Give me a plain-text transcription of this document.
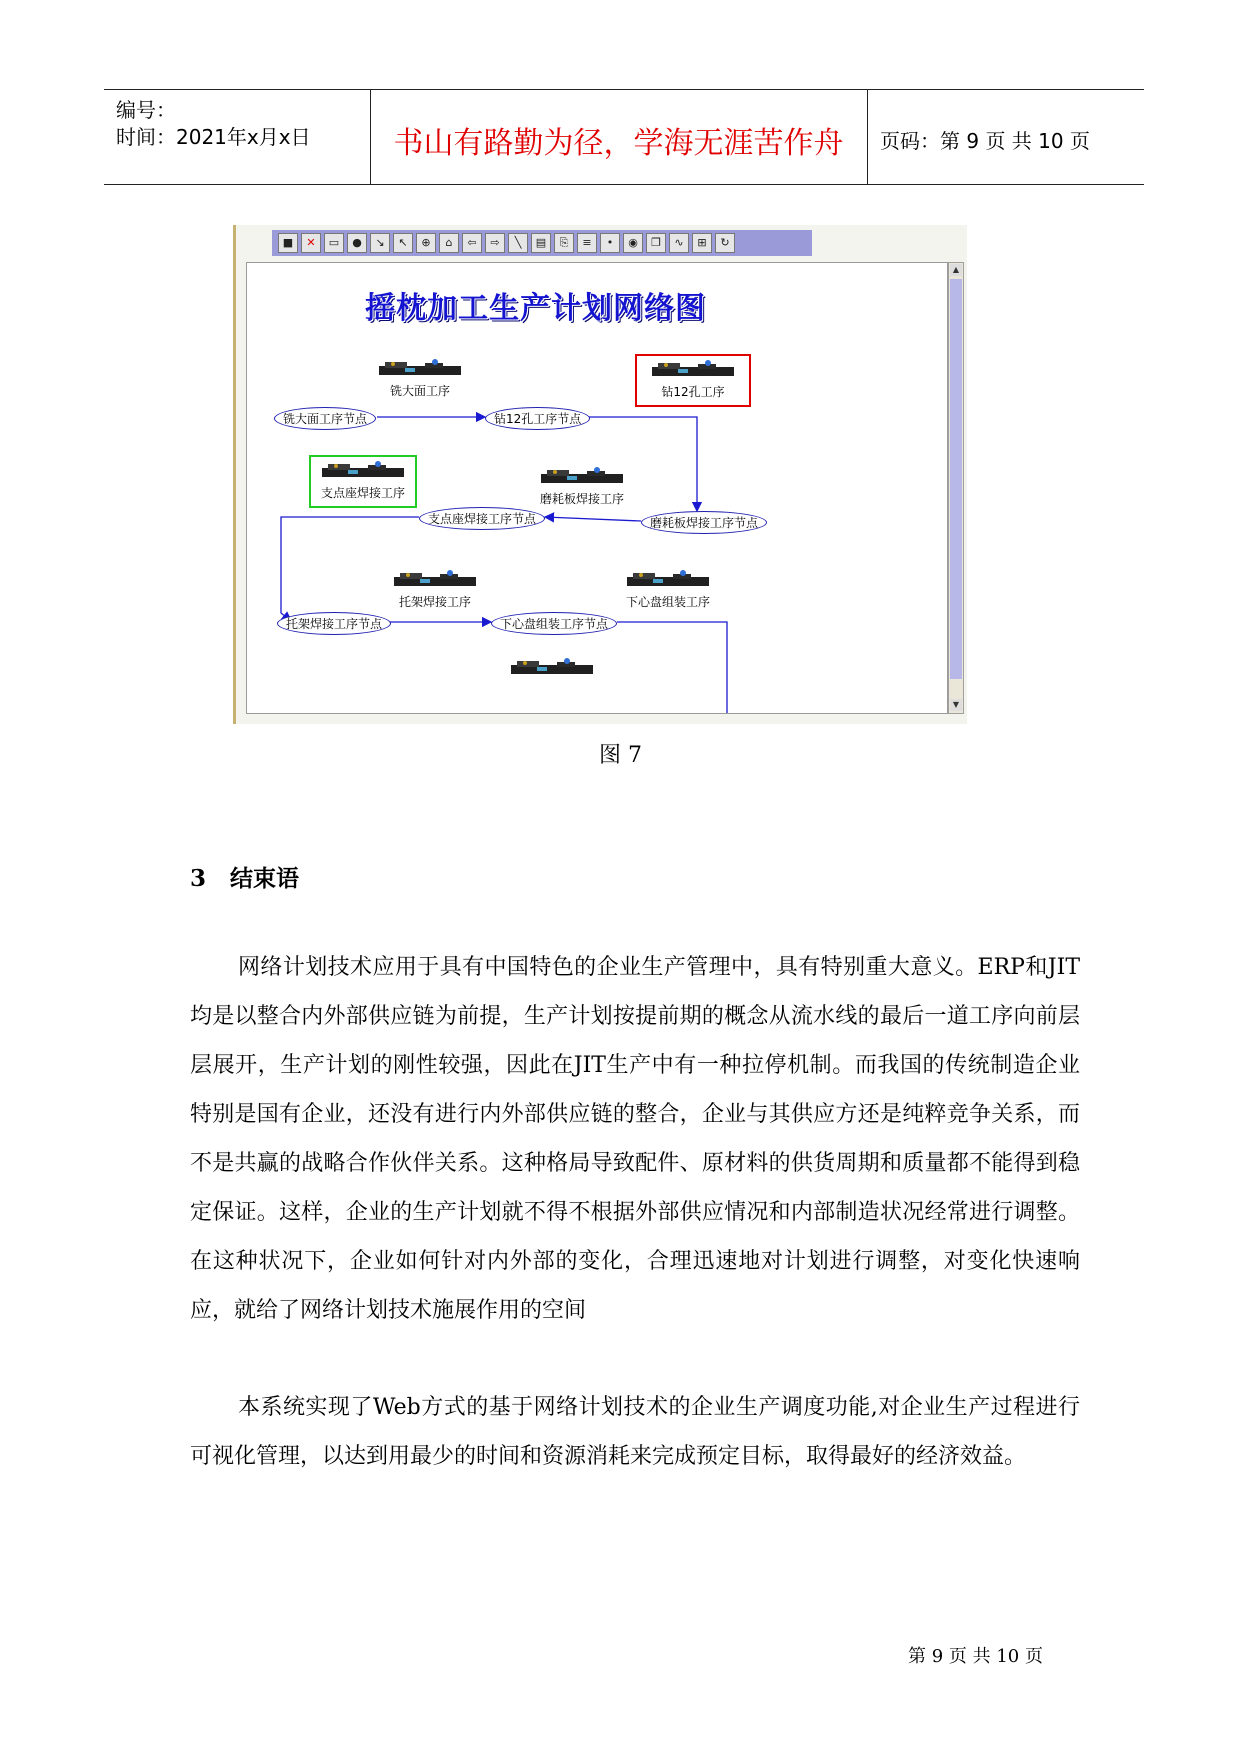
编号：
时间：2021年x月x日	书山有路勤为径，学海无涯苦作舟	页码：第 9 页 共 10 页
■	✕	▭	●	↘	↖	⊕	⌂	⇦	⇨	╲	▤	⎘	≡	•	◉	❐	∿	⊞	↻
摇枕加工生产计划网络图
铣大面工序	钻12孔工序
支点座焊接工序	磨耗板焊接工序
托架焊接工序	下心盘组装工序
铣大面工序节点	钻12孔工序节点
支点座焊接工序节点	磨耗板焊接工序节点
托架焊接工序节点	下心盘组装工序节点
▲
▼
图 7
3 结束语
网络计划技术应用于具有中国特色的企业生产管理中，具有特别重大意义。ERP和JIT均是以整合内外部供应链为前提，生产计划按提前期的概念从流水线的最后一道工序向前层层展开，生产计划的刚性较强，因此在JIT生产中有一种拉停机制。而我国的传统制造企业特别是国有企业，还没有进行内外部供应链的整合，企业与其供应方还是纯粹竞争关系，而不是共赢的战略合作伙伴关系。这种格局导致配件、原材料的供货周期和质量都不能得到稳定保证。这样，企业的生产计划就不得不根据外部供应情况和内部制造状况经常进行调整。在这种状况下，企业如何针对内外部的变化，合理迅速地对计划进行调整，对变化快速响应，就给了网络计划技术施展作用的空间
本系统实现了Web方式的基于网络计划技术的企业生产调度功能,对企业生产过程进行可视化管理，以达到用最少的时间和资源消耗来完成预定目标，取得最好的经济效益。
第 9 页 共 10 页
